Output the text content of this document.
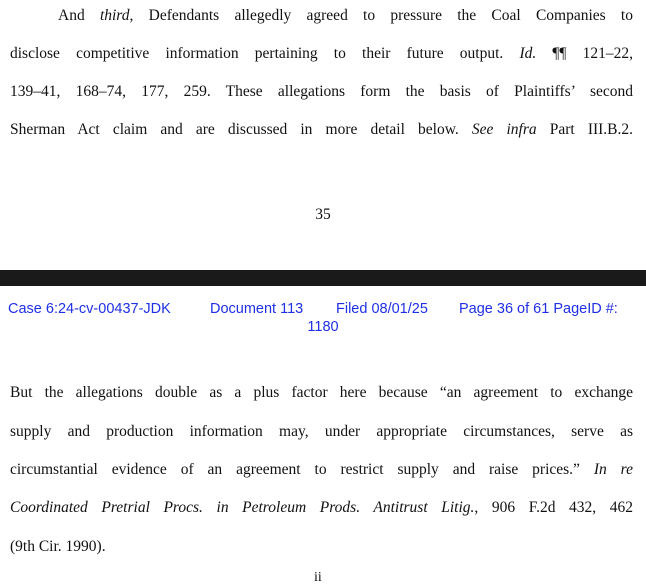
And third, Defendants allegedly agreed to pressure the Coal Companies to
disclose competitive information pertaining to their future output. Id. ¶¶ 121–22,
139–41, 168–74, 177, 259. These allegations form the basis of Plaintiffs’ second
Sherman Act claim and are discussed in more detail below. See infra Part III.B.2.
35
Case 6:24-cv-00437-JDK	Document 113 Filed 08/01/25 Page 36 of 61 PageID #:
1180
But the allegations double as a plus factor here because “an agreement to exchange
supply and production information may, under appropriate circumstances, serve as
circumstantial evidence of an agreement to restrict supply and raise prices.” In re
Coordinated Pretrial Procs. in Petroleum Prods. Antitrust Litig., 906 F.2d 432, 462
(9th Cir. 1990).
ii
